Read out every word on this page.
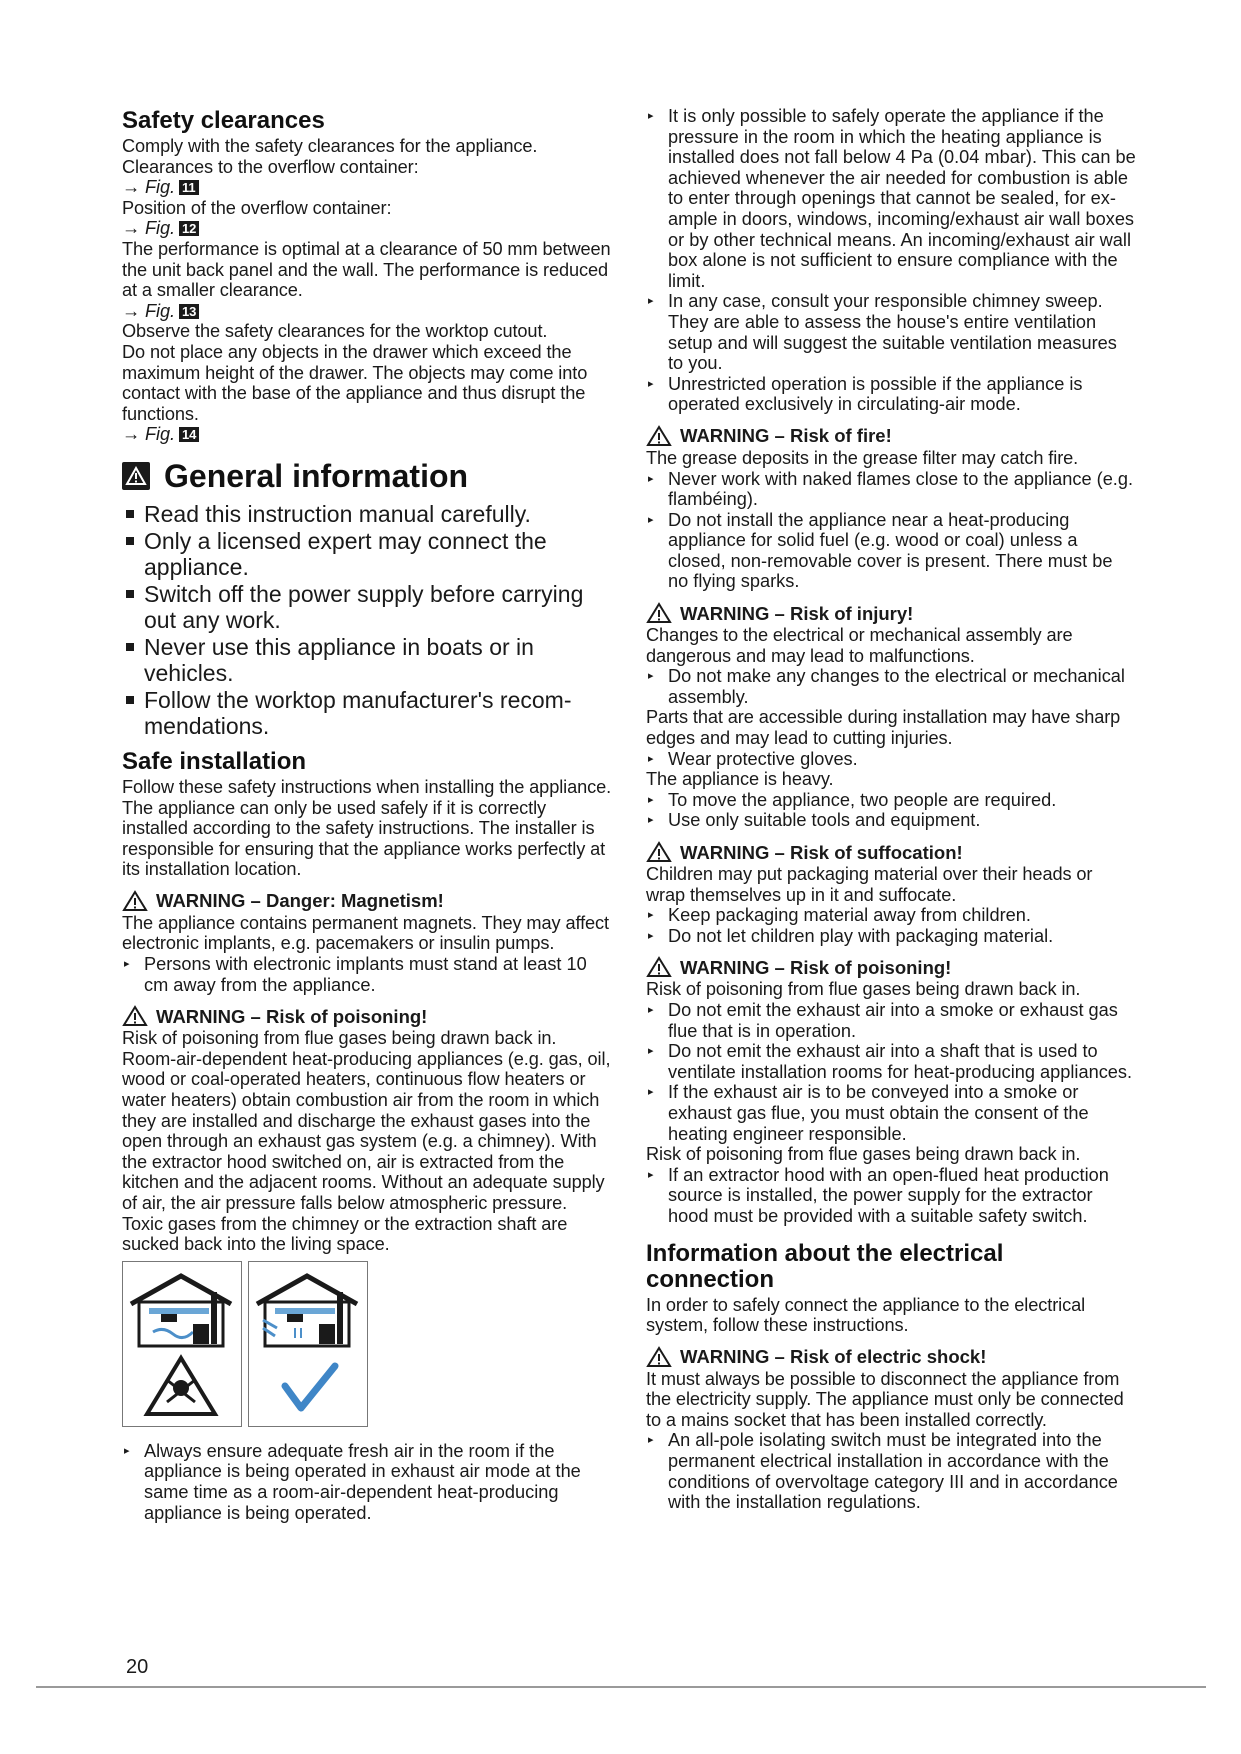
Safety clearances

Comply with the safety clearances for the appliance.

Clearances to the overflow container:

→ Fig. 11

Position of the overflow container:

→ Fig. 12

The performance is optimal at a clearance of 50 mm between the unit back panel and the wall. The performance is reduced at a smaller clearance.

→ Fig. 13

Observe the safety clearances for the worktop cutout.

Do not place any objects in the drawer which exceed the maximum height of the drawer. The objects may come into contact with the base of the appliance and thus disrupt the functions.

→ Fig. 14

General information
Read this instruction manual carefully.
Only a licensed expert may connect the appliance.
Switch off the power supply before carrying out any work.
Never use this appliance in boats or in vehicles.
Follow the worktop manufacturer's recommendations.
Safe installation

Follow these safety instructions when installing the appliance.

The appliance can only be used safely if it is correctly installed according to the safety instructions. The installer is responsible for ensuring that the appliance works perfectly at its installation location.

WARNING – Danger: Magnetism!

The appliance contains permanent magnets. They may affect electronic implants, e.g. pacemakers or insulin pumps.

▸ Persons with electronic implants must stand at least 10 cm away from the appliance.

WARNING – Risk of poisoning!

Risk of poisoning from flue gases being drawn back in. Room-air-dependent heat-producing appliances (e.g. gas, oil, wood or coal-operated heaters, continuous flow heaters or water heaters) obtain combustion air from the room in which they are installed and discharge the exhaust gases into the open through an exhaust gas system (e.g. a chimney). With the extractor hood switched on, air is extracted from the kitchen and the adjacent rooms. Without an adequate supply of air, the air pressure falls below atmospheric pressure. Toxic gases from the chimney or the extraction shaft are sucked back into the living space.

▸ Always ensure adequate fresh air in the room if the appliance is being operated in exhaust air mode at the same time as a room-air-dependent heat-producing appliance is being operated.

20

▸ It is only possible to safely operate the appliance if the pressure in the room in which the heating appliance is installed does not fall below 4 Pa (0.04 mbar). This can be achieved whenever the air needed for combustion is able to enter through openings that cannot be sealed, for example in doors, windows, incoming/exhaust air wall boxes or by other technical means. An incoming/exhaust air wall box alone is not sufficient to ensure compliance with the limit.

▸ In any case, consult your responsible chimney sweep. They are able to assess the house's entire ventilation setup and will suggest the suitable ventilation measures to you.

▸ Unrestricted operation is possible if the appliance is operated exclusively in circulating-air mode.

WARNING – Risk of fire!

The grease deposits in the grease filter may catch fire.

▸ Never work with naked flames close to the appliance (e.g. flambéing).

▸ Do not install the appliance near a heat-producing appliance for solid fuel (e.g. wood or coal) unless a closed, non-removable cover is present. There must be no flying sparks.

WARNING – Risk of injury!

Changes to the electrical or mechanical assembly are dangerous and may lead to malfunctions.

▸ Do not make any changes to the electrical or mechanical assembly.

Parts that are accessible during installation may have sharp edges and may lead to cutting injuries.

▸ Wear protective gloves.

The appliance is heavy.

▸ To move the appliance, two people are required.

▸ Use only suitable tools and equipment.

WARNING – Risk of suffocation!

Children may put packaging material over their heads or wrap themselves up in it and suffocate.

▸ Keep packaging material away from children.

▸ Do not let children play with packaging material.

WARNING – Risk of poisoning!

Risk of poisoning from flue gases being drawn back in.

▸ Do not emit the exhaust air into a smoke or exhaust gas flue that is in operation.

▸ Do not emit the exhaust air into a shaft that is used to ventilate installation rooms for heat-producing appliances.

▸ If the exhaust air is to be conveyed into a smoke or exhaust gas flue, you must obtain the consent of the heating engineer responsible.

Risk of poisoning from flue gases being drawn back in.

▸ If an extractor hood with an open-flued heat production source is installed, the power supply for the extractor hood must be provided with a suitable safety switch.

Information about the electrical connection

In order to safely connect the appliance to the electrical system, follow these instructions.

WARNING – Risk of electric shock!

It must always be possible to disconnect the appliance from the electricity supply. The appliance must only be connected to a mains socket that has been installed correctly.

▸ An all-pole isolating switch must be integrated into the permanent electrical installation in accordance with the conditions of overvoltage category III and in accordance with the installation regulations.
